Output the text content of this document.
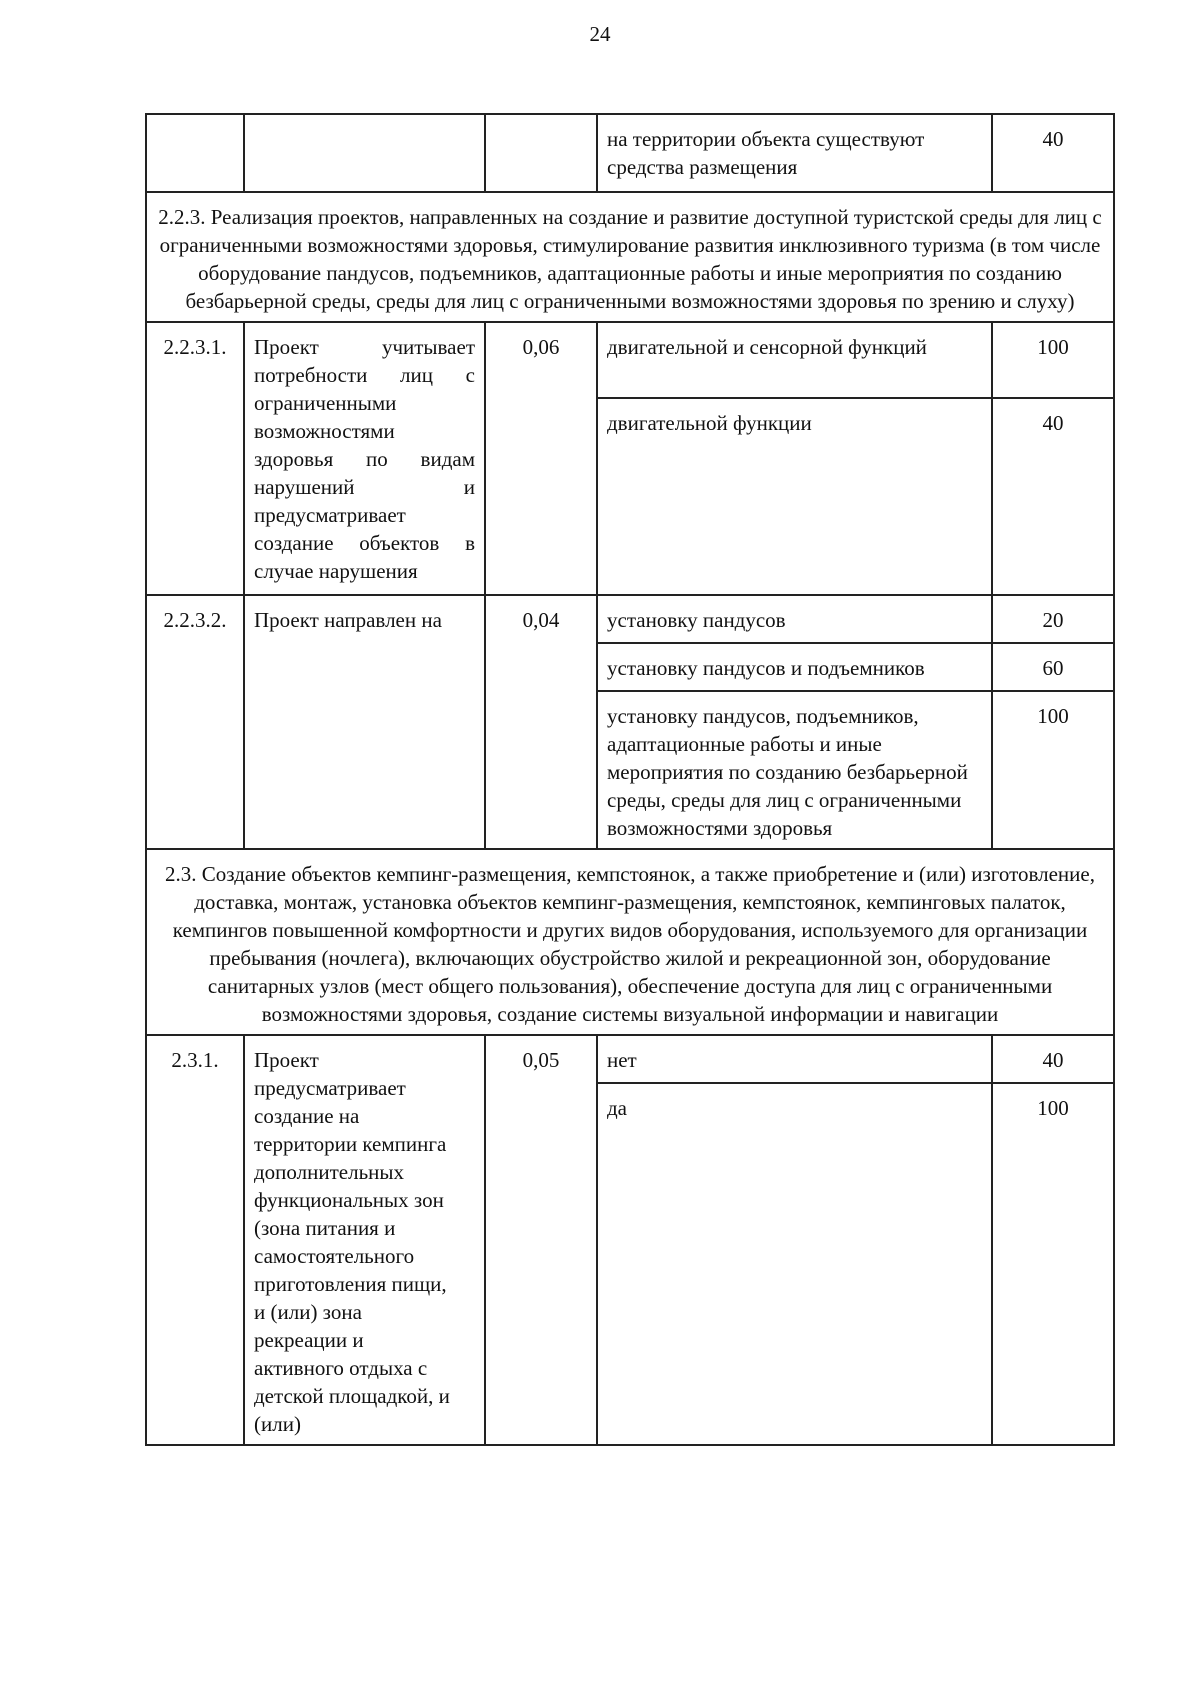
24
			на территории объекта существуют средства размещения	40
2.2.3. Реализация проектов, направленных на создание и развитие доступной туристской среды для лиц с ограниченными возможностями здоровья, стимулирование развития инклюзивного туризма (в том числе оборудование пандусов, подъемников, адаптационные работы и иные мероприятия по созданию безбарьерной среды, среды для лиц с ограниченными возможностями здоровья по зрению и слуху)				
2.2.3.1.	Проект учитывает потребности лиц с ограниченными возможностями здоровья по видам нарушений и предусматривает создание объектов в случае нарушения	0,06	двигательной и сенсорной функций	100
			двигательной функции	40
2.2.3.2.	Проект направлен на	0,04	установку пандусов	20
			установку пандусов и подъемников	60
			установку пандусов, подъемников, адаптационные работы и иные мероприятия по созданию безбарьерной среды, среды для лиц с ограниченными возможностями здоровья	100
2.3. Создание объектов кемпинг-размещения, кемпстоянок, а также приобретение и (или) изготовление, доставка, монтаж, установка объектов кемпинг-размещения, кемпстоянок, кемпинговых палаток, кемпингов повышенной комфортности и других видов оборудования, используемого для организации пребывания (ночлега), включающих обустройство жилой и рекреационной зон, оборудование санитарных узлов (мест общего пользования), обеспечение доступа для лиц с ограниченными возможностями здоровья, создание системы визуальной информации и навигации				
2.3.1.	Проект предусматривает создание на территории кемпинга дополнительных функциональных зон (зона питания и самостоятельного приготовления пищи, и (или) зона рекреации и активного отдыха с детской площадкой, и (или)	0,05	нет	40
			да	100
